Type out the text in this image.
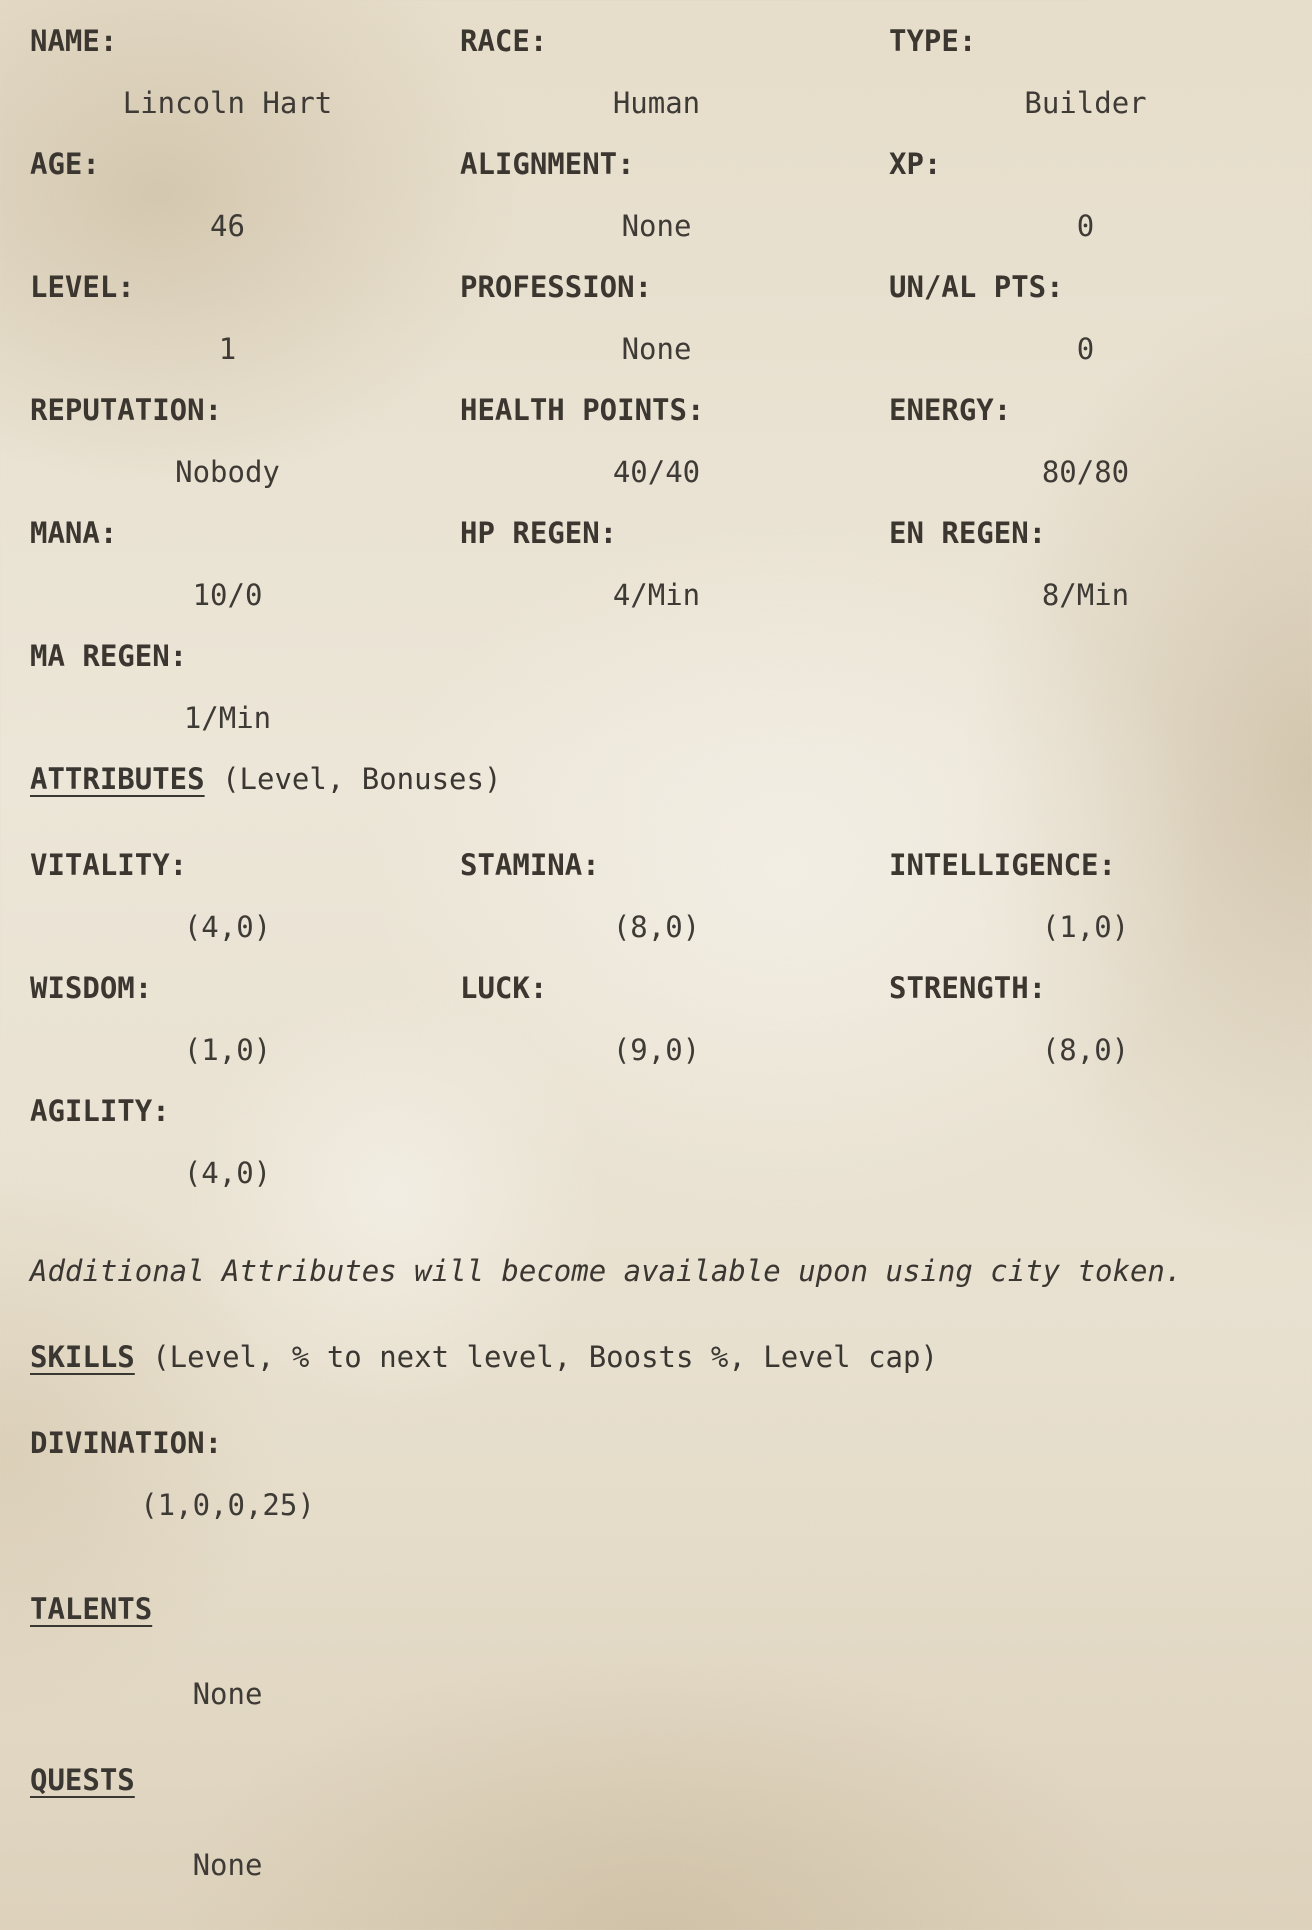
NAME:
Lincoln Hart
RACE:
Human
TYPE:
Builder
AGE:
46
ALIGNMENT:
None
XP:
0
LEVEL:
1
PROFESSION:
None
UN/AL PTS:
0
REPUTATION:
Nobody
HEALTH POINTS:
40/40
ENERGY:
80/80
MANA:
10/0
HP REGEN:
4/Min
EN REGEN:
8/Min
MA REGEN:
1/Min
ATTRIBUTES (Level, Bonuses)
VITALITY:
(4,0)
STAMINA:
(8,0)
INTELLIGENCE:
(1,0)
WISDOM:
(1,0)
LUCK:
(9,0)
STRENGTH:
(8,0)
AGILITY:
(4,0)
Additional Attributes will become available upon using city token.
SKILLS (Level, % to next level, Boosts %, Level cap)
DIVINATION:
(1,0,0,25)
TALENTS
None
QUESTS
None
